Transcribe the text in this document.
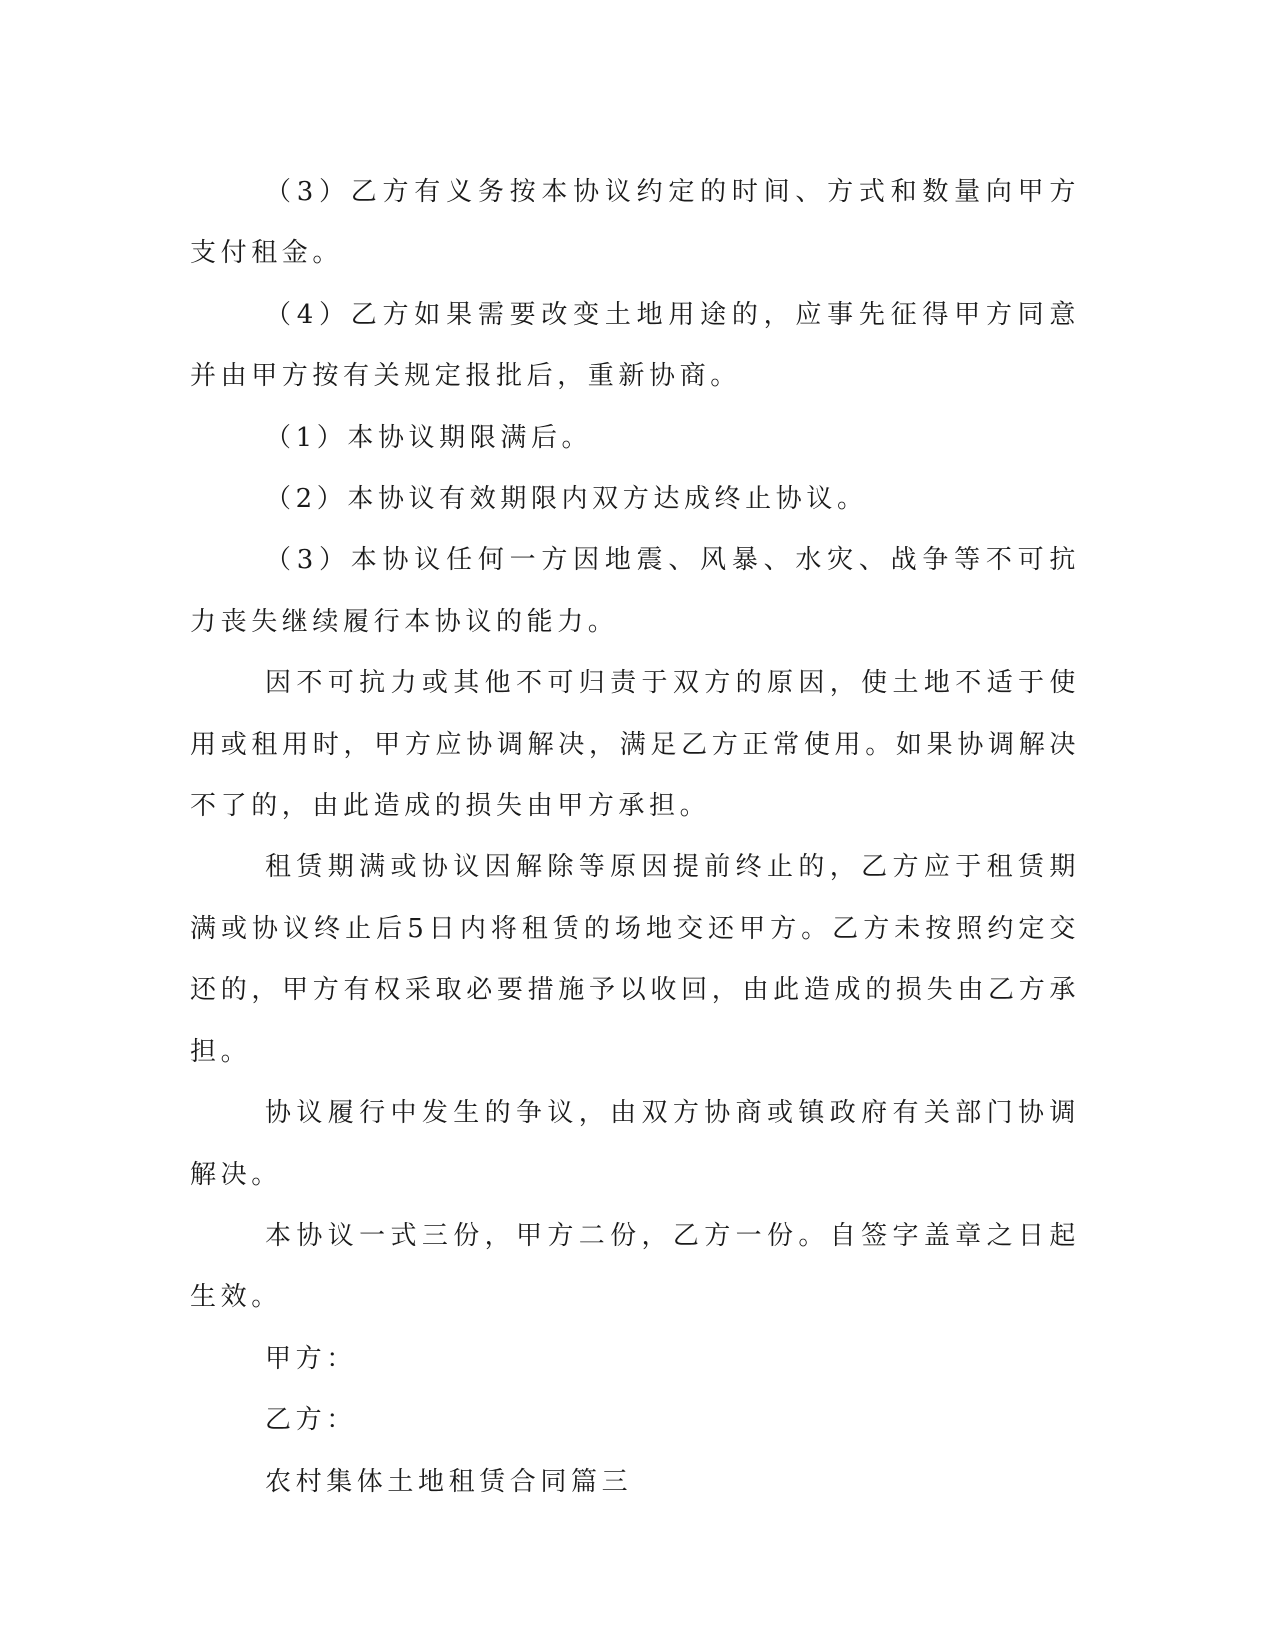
（3）乙方有义务按本协议约定的时间、方式和数量向甲方支付租金。

（4）乙方如果需要改变土地用途的，应事先征得甲方同意并由甲方按有关规定报批后，重新协商。

（1）本协议期限满后。

（2）本协议有效期限内双方达成终止协议。

（3）本协议任何一方因地震、风暴、水灾、战争等不可抗力丧失继续履行本协议的能力。

因不可抗力或其他不可归责于双方的原因，使土地不适于使用或租用时，甲方应协调解决，满足乙方正常使用。如果协调解决不了的，由此造成的损失由甲方承担。

租赁期满或协议因解除等原因提前终止的，乙方应于租赁期满或协议终止后5日内将租赁的场地交还甲方。乙方未按照约定交还的，甲方有权采取必要措施予以收回，由此造成的损失由乙方承担。

协议履行中发生的争议，由双方协商或镇政府有关部门协调解决。

本协议一式三份，甲方二份，乙方一份。自签字盖章之日起生效。

甲方：

乙方：

农村集体土地租赁合同篇三
